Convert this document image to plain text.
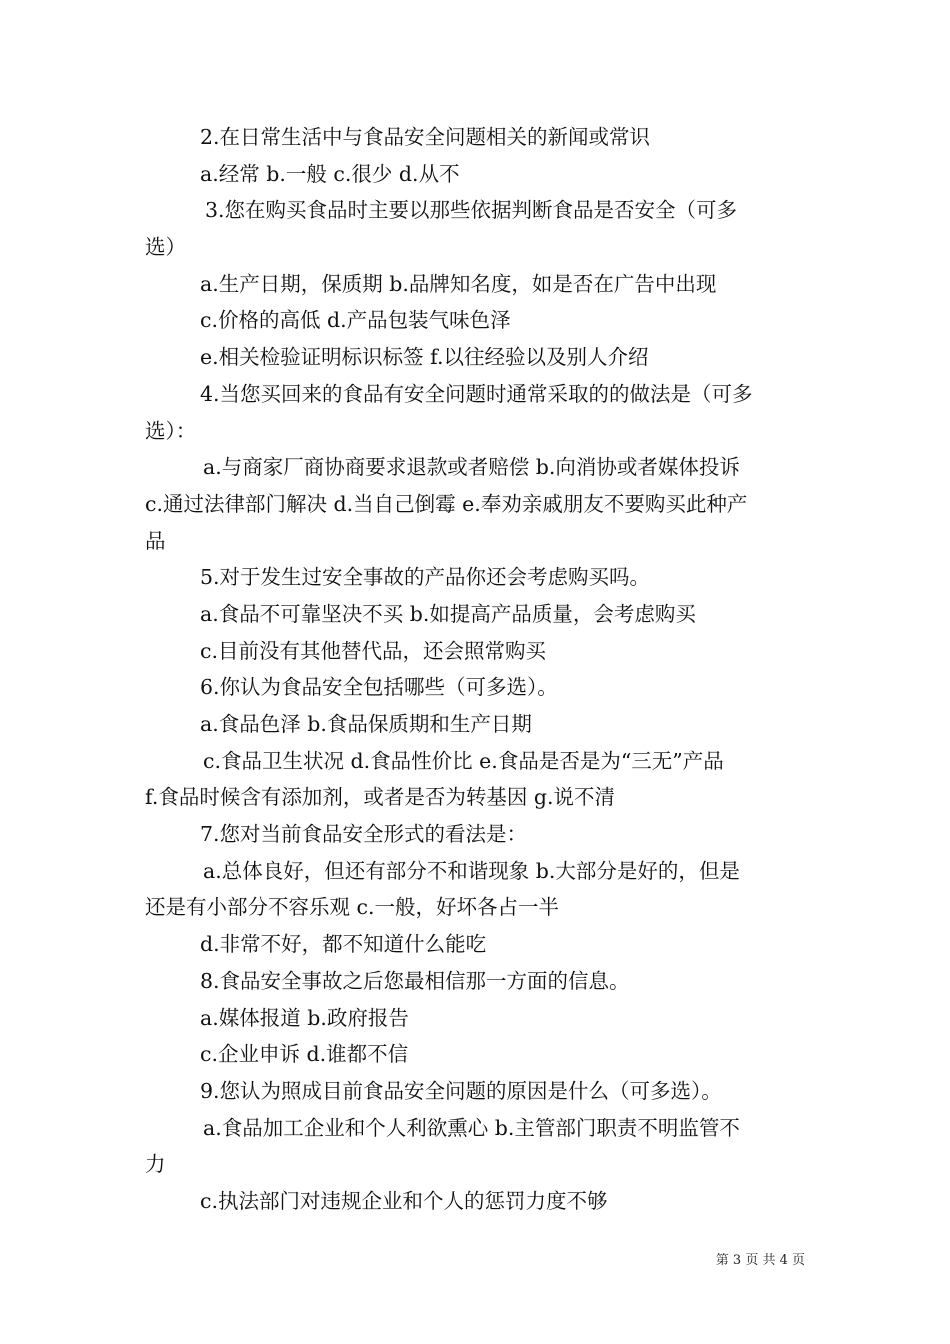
2.在日常生活中与食品安全问题相关的新闻或常识
a.经常 b.一般 c.很少 d.从不
3.您在购买食品时主要以那些依据判断食品是否安全（可多
选）
a.生产日期，保质期 b.品牌知名度，如是否在广告中出现
c.价格的高低 d.产品包装气味色泽
e.相关检验证明标识标签 f.以往经验以及别人介绍
4.当您买回来的食品有安全问题时通常采取的的做法是（可多
选）：
a.与商家厂商协商要求退款或者赔偿 b.向消协或者媒体投诉
c.通过法律部门解决 d.当自己倒霉 e.奉劝亲戚朋友不要购买此种产
品
5.对于发生过安全事故的产品你还会考虑购买吗。
a.食品不可靠坚决不买 b.如提高产品质量，会考虑购买
c.目前没有其他替代品，还会照常购买
6.你认为食品安全包括哪些（可多选）。
a.食品色泽 b.食品保质期和生产日期
c.食品卫生状况 d.食品性价比 e.食品是否是为“三无”产品
f.食品时候含有添加剂，或者是否为转基因 g.说不清
7.您对当前食品安全形式的看法是：
a.总体良好，但还有部分不和谐现象 b.大部分是好的，但是
还是有小部分不容乐观 c.一般，好坏各占一半
d.非常不好，都不知道什么能吃
8.食品安全事故之后您最相信那一方面的信息。
a.媒体报道 b.政府报告
c.企业申诉 d.谁都不信
9.您认为照成目前食品安全问题的原因是什么（可多选）。
a.食品加工企业和个人利欲熏心 b.主管部门职责不明监管不
力
c.执法部门对违规企业和个人的惩罚力度不够
第 3 页 共 4 页
